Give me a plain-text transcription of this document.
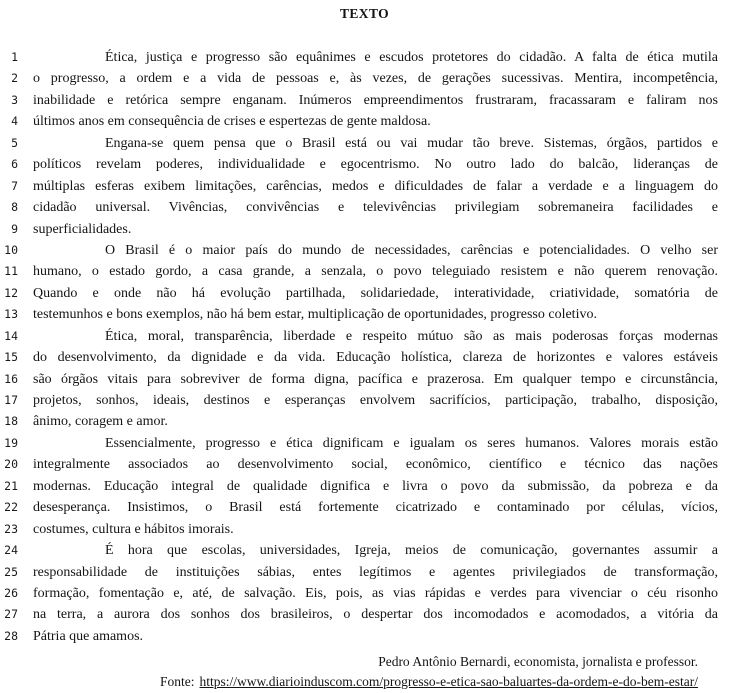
TEXTO
1	Ética, justiça e progresso são equânimes e escudos protetores do cidadão. A falta de ética mutila
2 o progresso, a ordem e a vida de pessoas e, às vezes, de gerações sucessivas. Mentira, incompetência,
3 inabilidade e retórica sempre enganam. Inúmeros empreendimentos frustraram, fracassaram e faliram nos
4 últimos anos em consequência de crises e espertezas de gente maldosa.
5	Engana-se quem pensa que o Brasil está ou vai mudar tão breve. Sistemas, órgãos, partidos e
6 políticos revelam poderes, individualidade e egocentrismo. No outro lado do balcão, lideranças de
7 múltiplas esferas exibem limitações, carências, medos e dificuldades de falar a verdade e a linguagem do
8 cidadão universal. Vivências, convivências e televivências privilegiam sobremaneira facilidades e
9 superficialidades.
10	O Brasil é o maior país do mundo de necessidades, carências e potencialidades. O velho ser
11 humano, o estado gordo, a casa grande, a senzala, o povo teleguiado resistem e não querem renovação.
12 Quando e onde não há evolução partilhada, solidariedade, interatividade, criatividade, somatória de
13 testemunhos e bons exemplos, não há bem estar, multiplicação de oportunidades, progresso coletivo.
14	Ética, moral, transparência, liberdade e respeito mútuo são as mais poderosas forças modernas
15 do desenvolvimento, da dignidade e da vida. Educação holística, clareza de horizontes e valores estáveis
16 são órgãos vitais para sobreviver de forma digna, pacífica e prazerosa. Em qualquer tempo e circunstância,
17 projetos, sonhos, ideais, destinos e esperanças envolvem sacrifícios, participação, trabalho, disposição,
18 ânimo, coragem e amor.
19	Essencialmente, progresso e ética dignificam e igualam os seres humanos. Valores morais estão
20 integralmente associados ao desenvolvimento social, econômico, científico e técnico das nações
21 modernas. Educação integral de qualidade dignifica e livra o povo da submissão, da pobreza e da
22 desesperança. Insistimos, o Brasil está fortemente cicatrizado e contaminado por células, vícios,
23 costumes, cultura e hábitos imorais.
24	É hora que escolas, universidades, Igreja, meios de comunicação, governantes assumir a
25 responsabilidade de instituições sábias, entes legítimos e agentes privilegiados de transformação,
26 formação, fomentação e, até, de salvação. Eis, pois, as vias rápidas e verdes para vivenciar o céu risonho
27 na terra, a aurora dos sonhos dos brasileiros, o despertar dos incomodados e acomodados, a vitória da
28 Pátria que amamos.
Pedro Antônio Bernardi, economista, jornalista e professor.
Fonte: https://www.diarioinduscom.com/progresso-e-etica-sao-baluartes-da-ordem-e-do-bem-estar/
